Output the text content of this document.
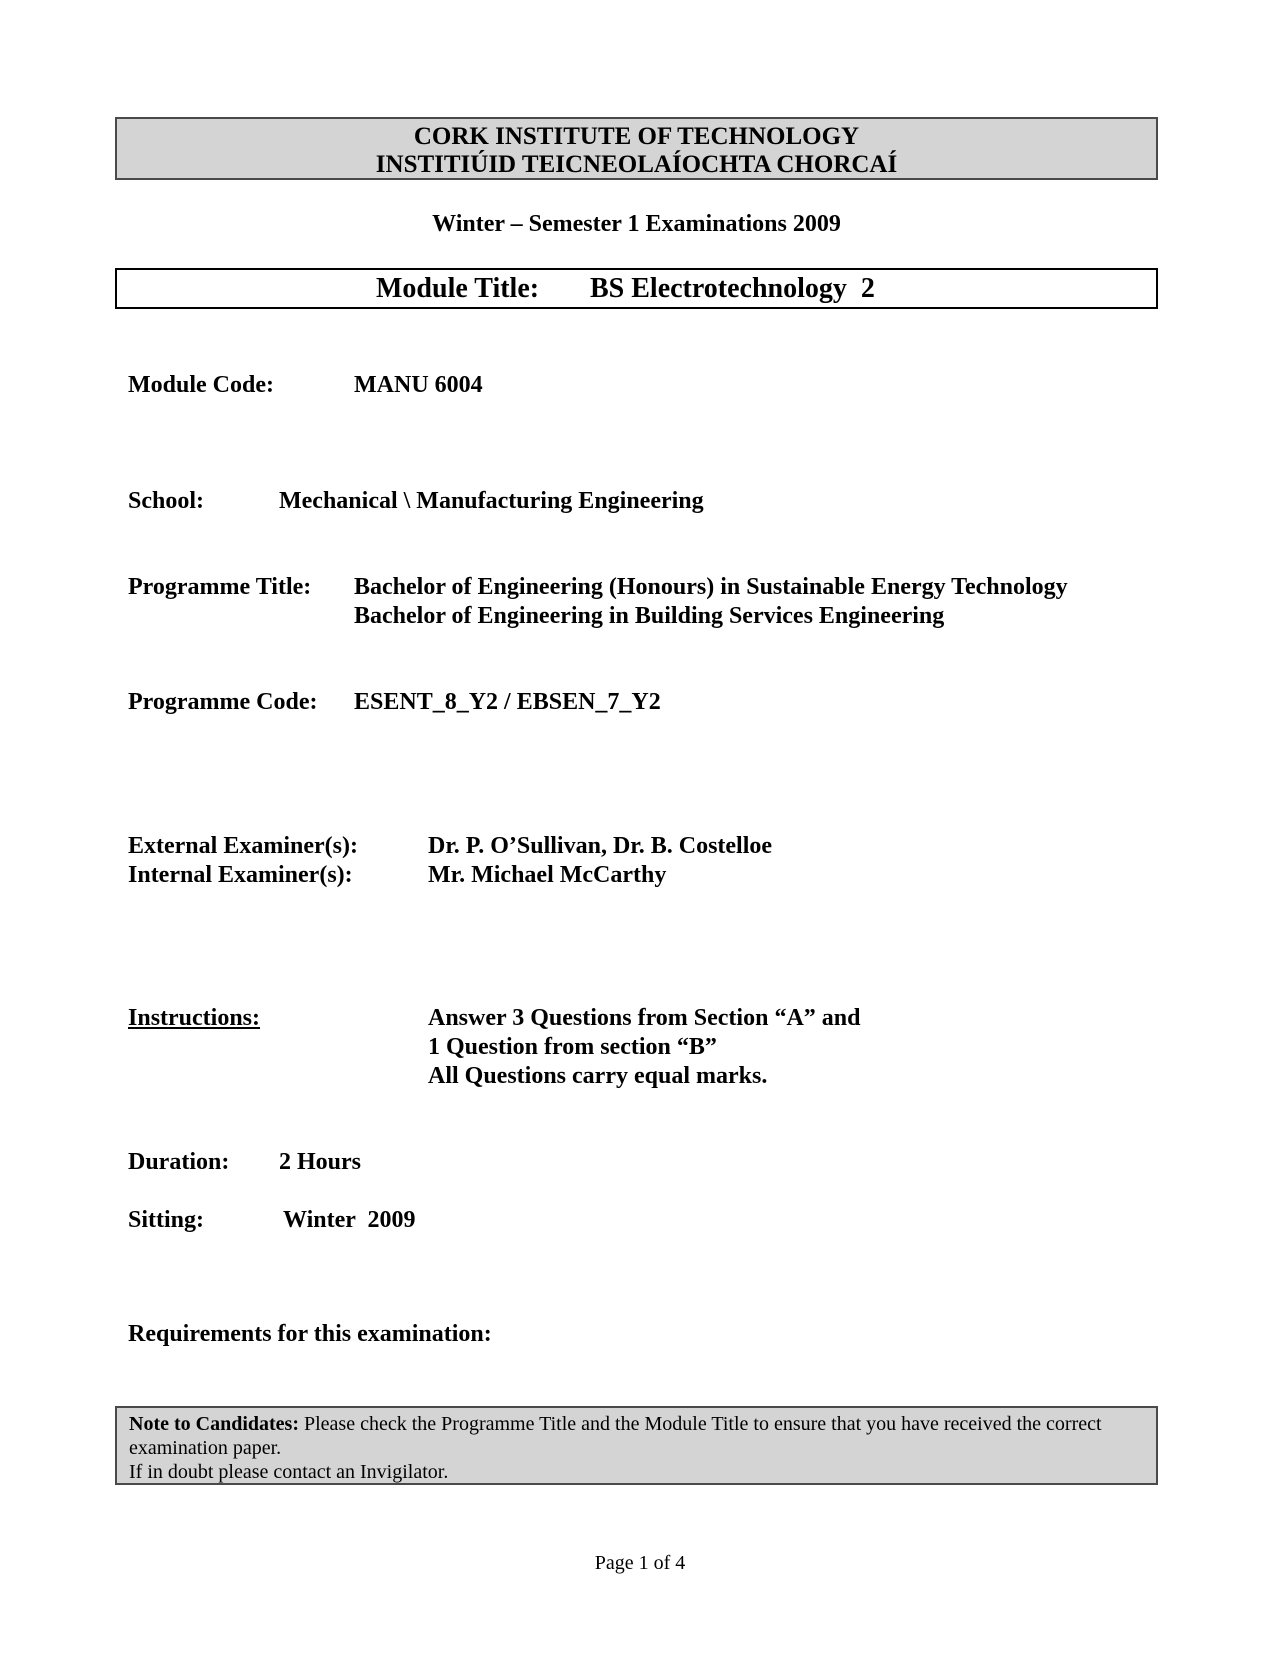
CORK INSTITUTE OF TECHNOLOGY
INSTITIÚID TEICNEOLAÍOCHTA CHORCAÍ
Winter – Semester 1 Examinations 2009
Module Title: BS Electrotechnology  2
Module Code:	MANU 6004
School:	Mechanical \ Manufacturing Engineering
Programme Title: Bachelor of Engineering (Honours) in Sustainable Energy Technology
Bachelor of Engineering in Building Services Engineering
Programme Code: ESENT_8_Y2 / EBSEN_7_Y2
External Examiner(s):	Dr. P. O’Sullivan, Dr. B. Costelloe
Internal Examiner(s):	Mr. Michael McCarthy
Instructions:	Answer 3 Questions from Section “A” and
1 Question from section “B”
All Questions carry equal marks.
Duration: 2 Hours
Sitting:	Winter  2009
Requirements for this examination:
Note to Candidates: Please check the Programme Title and the Module Title to ensure that you have received the correct examination paper.
If in doubt please contact an Invigilator.
Page 1 of 4
